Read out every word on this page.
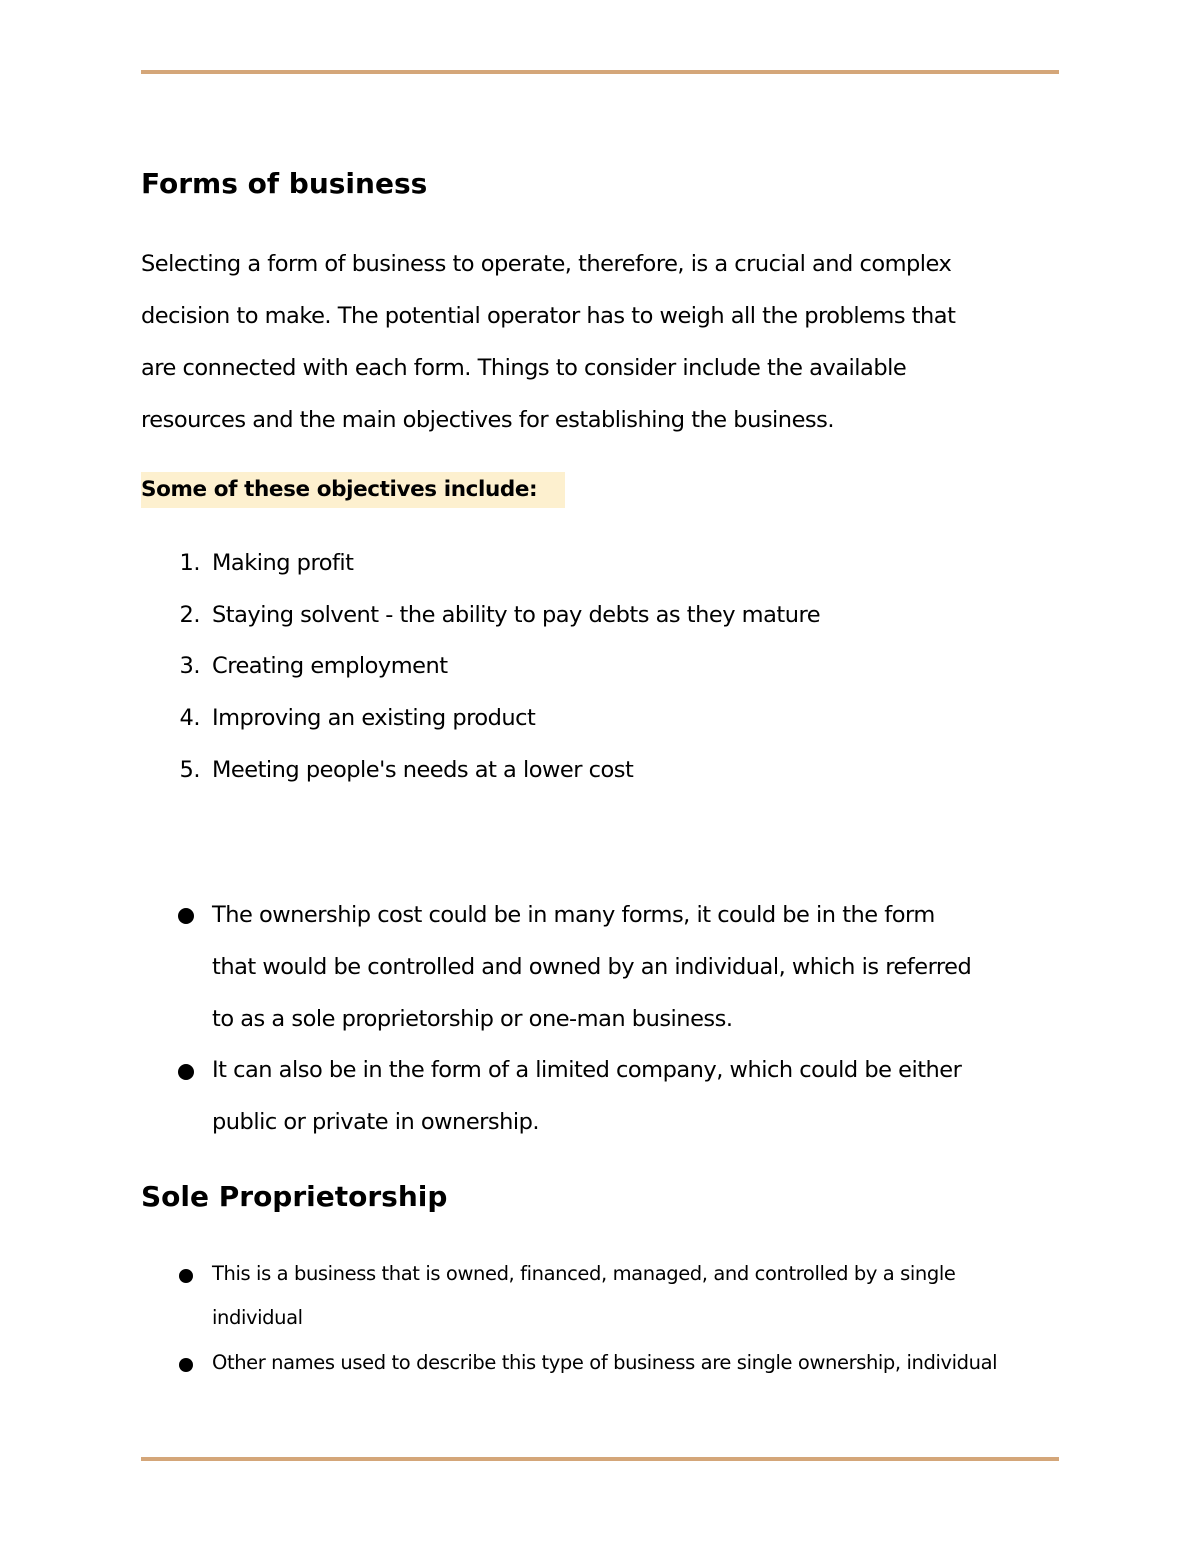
Forms of business

Selecting a form of business to operate, therefore, is a crucial and complex

decision to make. The potential operator has to weigh all the problems that

are connected with each form. Things to consider include the available

resources and the main objectives for establishing the business.

Some of these objectives include:

1. Making profit
2. Staying solvent - the ability to pay debts as they mature
3. Creating employment
4. Improving an existing product
5. Meeting people's needs at a lower cost
The ownership cost could be in many forms, it could be in the form
that would be controlled and owned by an individual, which is referred
to as a sole proprietorship or one-man business.
It can also be in the form of a limited company, which could be either
public or private in ownership.
Sole Proprietorship
This is a business that is owned, financed, managed, and controlled by a single
individual
Other names used to describe this type of business are single ownership, individual
